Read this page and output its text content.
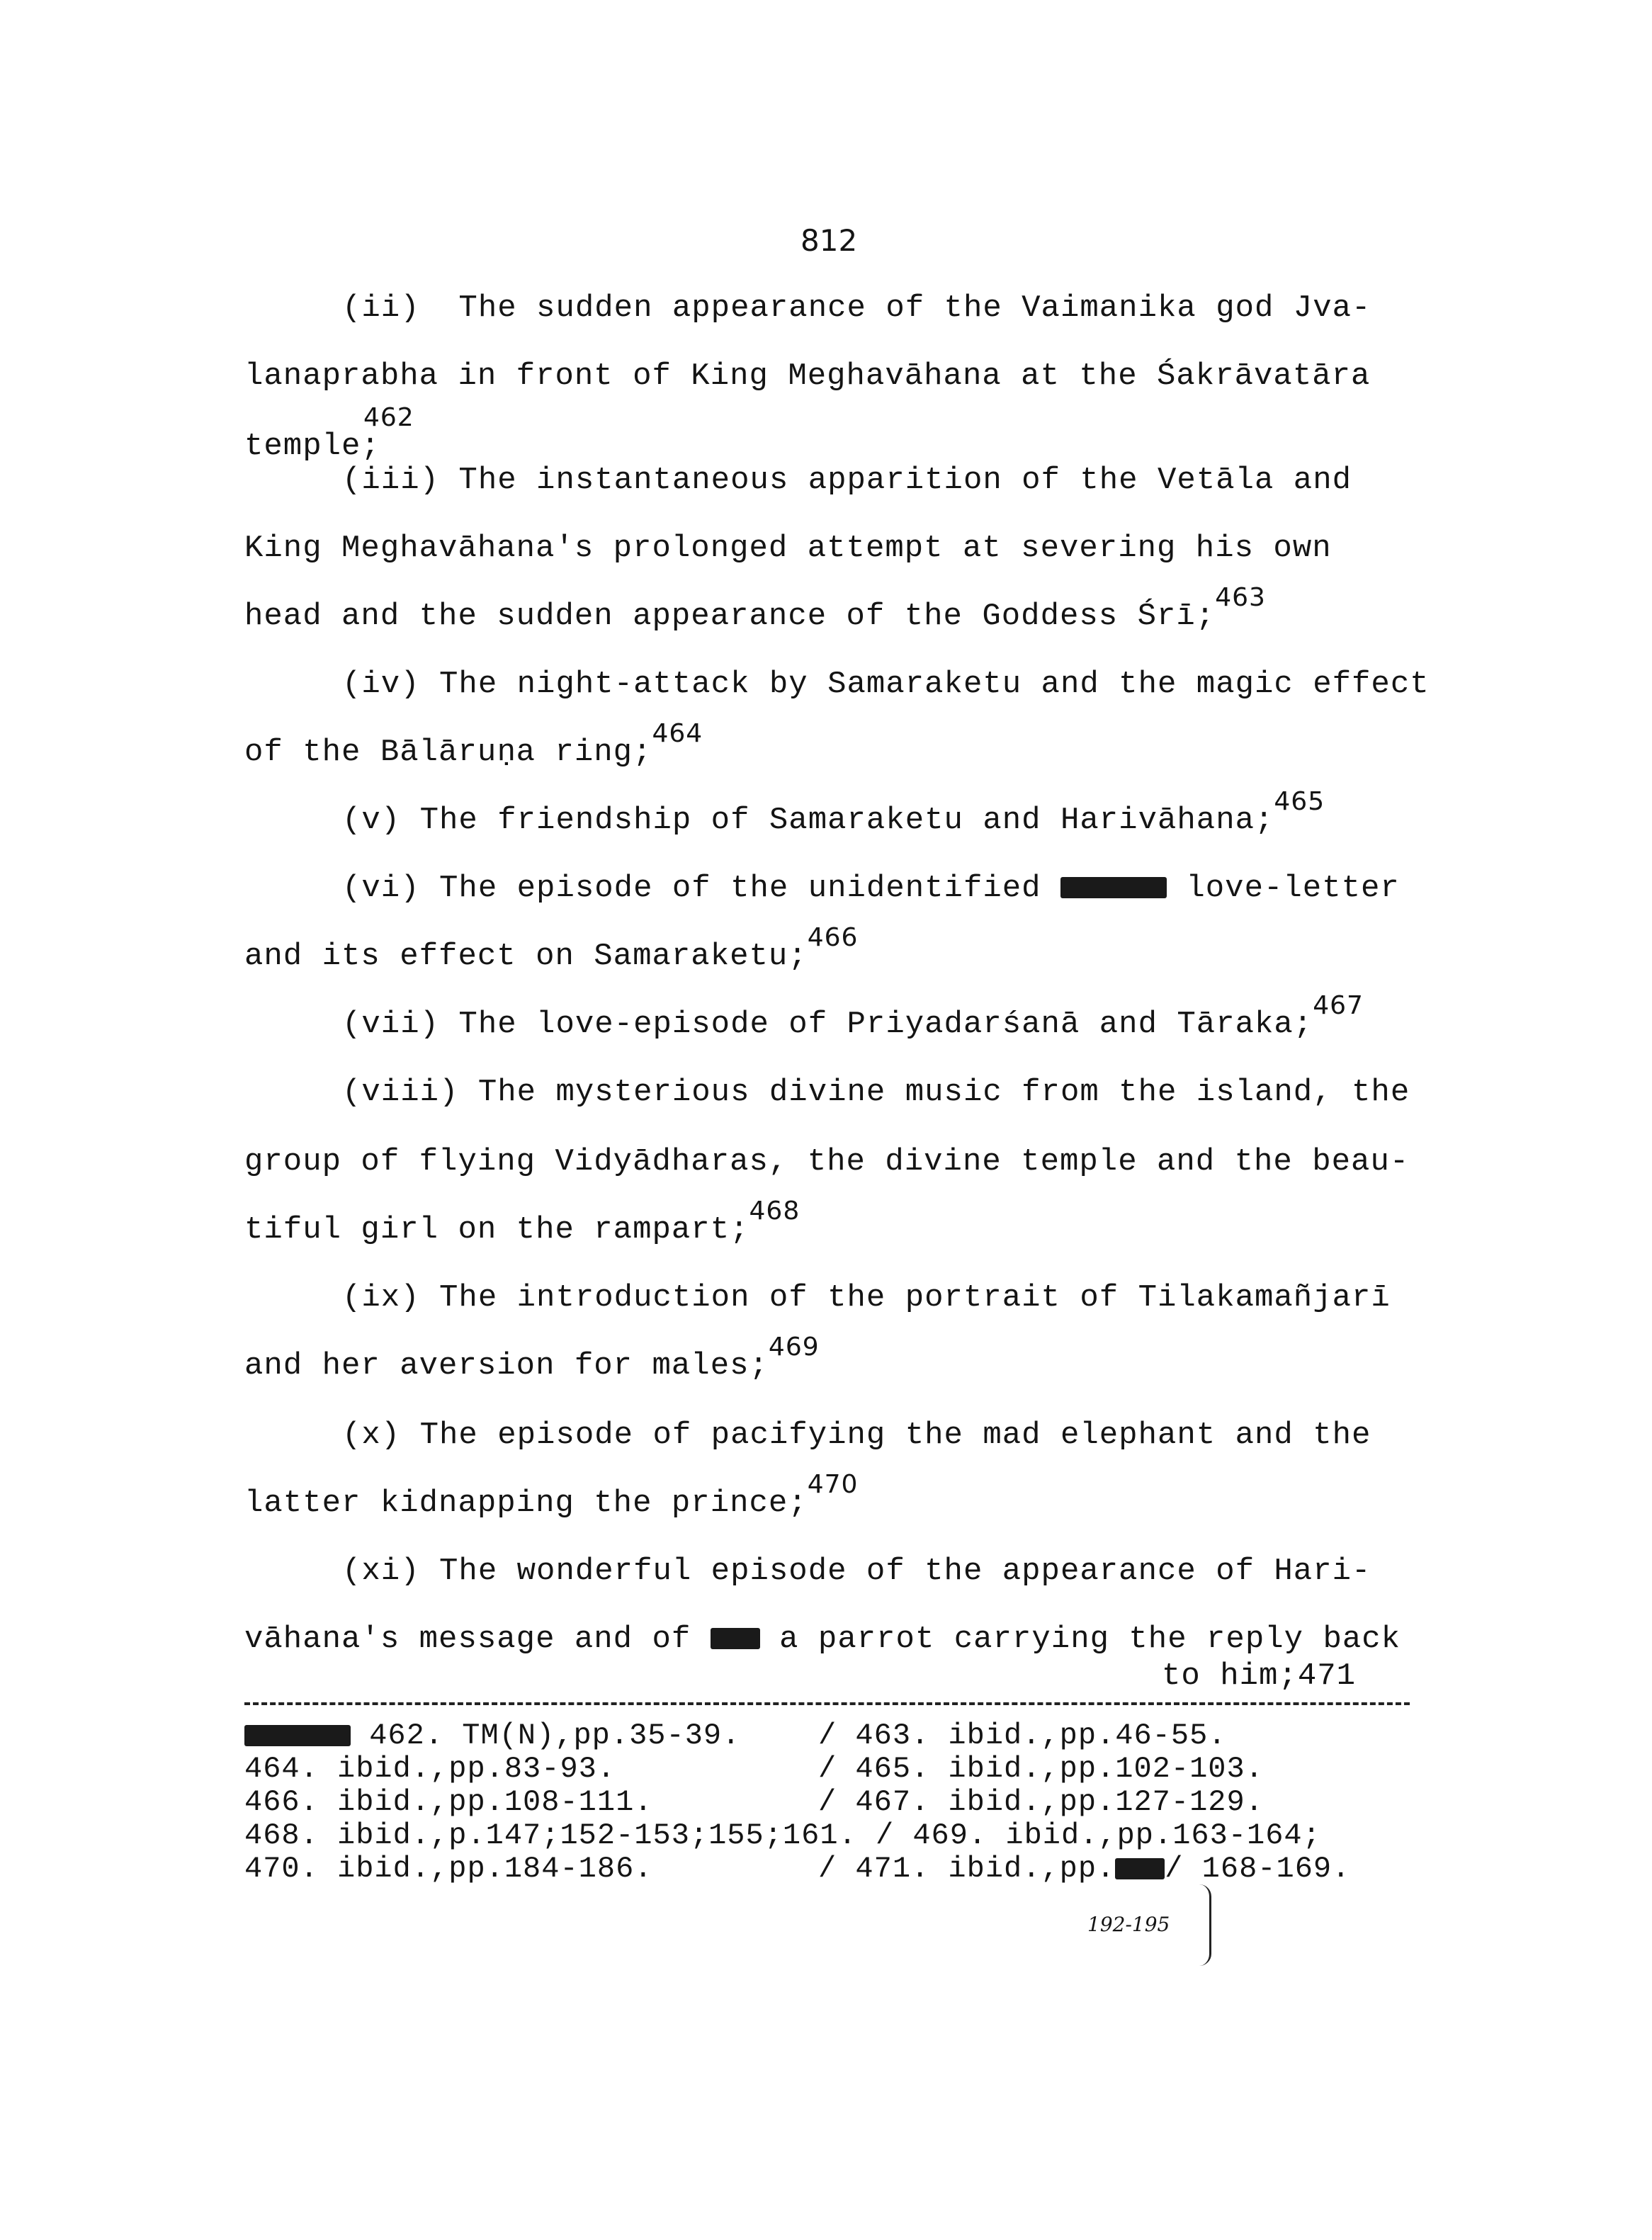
812
(ii)  The sudden appearance of the Vaimanika god Jva-
lanaprabha in front of King Meghavāhana at the Śakrāvatāra
temple;
462
(iii) The instantaneous apparition of the Vetāla and
King Meghavāhana's prolonged attempt at severing his own
head and the sudden appearance of the Goddess Śrī;$^{463}$
(iv) The night-attack by Samaraketu and the magic effect
of the Bālāruṇa ring;$^{464}$
(v) The friendship of Samaraketu and Harivāhana;$^{465}$
(vi) The episode of the unidentified	love-letter
and its effect on Samaraketu;$^{466}$
(vii) The love-episode of Priyadarśanā and Tāraka;$^{467}$
(viii) The mysterious divine music from the island, the
group of flying Vidyādharas, the divine temple and the beau-
tiful girl on the rampart;$^{468}$
(ix) The introduction of the portrait of Tilakamañjarī
and her aversion for males;$^{469}$
(x) The episode of pacifying the mad elephant and the
latter kidnapping the prince;$^{470}$
(xi) The wonderful episode of the appearance of Hari-
vāhana's message and of	a parrot carrying the reply back
to him;471
462. TM(N),pp.35-39.	/ 463. ibid.,pp.46-55.
464. ibid.,pp.83-93.	/ 465. ibid.,pp.102-103.
466. ibid.,pp.108-111.	/ 467. ibid.,pp.127-129.
468. ibid.,p.147;152-153;155;161. / 469. ibid.,pp.163-164;
470. ibid.,pp.184-186.	/ 471. ibid.,pp. / 168-169.
192-195
